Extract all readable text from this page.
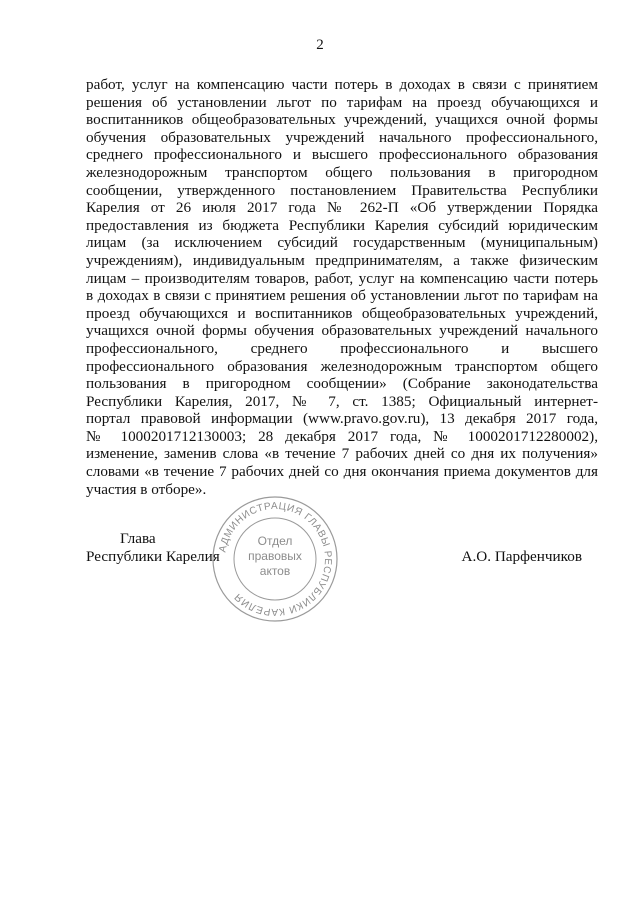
2
работ, услуг на компенсацию части потерь в доходах в связи с принятием
решения об установлении льгот по тарифам на проезд обучающихся и
воспитанников общеобразовательных учреждений, учащихся очной формы
обучения образовательных учреждений начального профессионального,
среднего профессионального и высшего профессионального образования
железнодорожным транспортом общего пользования в пригородном
сообщении, утвержденного постановлением Правительства Республики
Карелия от 26 июля 2017 года № 262-П «Об утверждении Порядка
предоставления из бюджета Республики Карелия субсидий юридическим
лицам (за исключением субсидий государственным (муниципальным)
учреждениям), индивидуальным предпринимателям, а также физическим
лицам – производителям товаров, работ, услуг на компенсацию части потерь
в доходах в связи с принятием решения об установлении льгот по тарифам на
проезд обучающихся и воспитанников общеобразовательных учреждений,
учащихся очной формы обучения образовательных учреждений начального
профессионального, среднего профессионального и высшего
профессионального образования железнодорожным транспортом общего
пользования в пригородном сообщении» (Собрание законодательства
Республики Карелия, 2017, № 7, ст. 1385; Официальный интернет-
портал правовой информации (www.pravo.gov.ru), 13 декабря 2017 года,
№ 1000201712130003; 28 декабря 2017 года, № 1000201712280002),
изменение, заменив слова «в течение 7 рабочих дней со дня их получения»
словами «в течение 7 рабочих дней со дня окончания приема документов для
участия в отборе».
Глава
Республики Карелия	А.О. Парфенчиков
АДМИНИСТРАЦИЯ ГЛАВЫ РЕСПУБЛИКИ КАРЕЛИЯ
Отдел
правовых
актов
